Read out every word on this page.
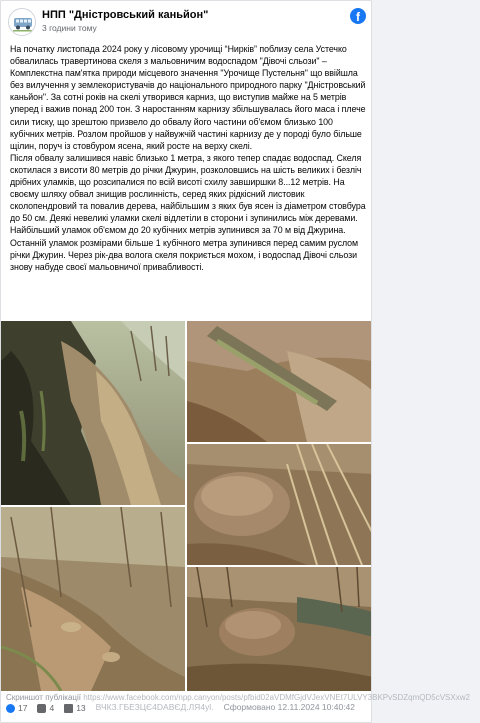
НПП "Дністровський каньйон"
3 години тому
f

На початку листопада 2024 року у лісовому урочищі “Нирків” поблизу села Устечко обвалилась травертинова скеля з мальовничим водоспадом "Дівочі сльози" – Комплекстна пам'ятка природи місцевого значення "Урочище Пустельня" що ввійшла без вилучення у землекористувачів до національного природного парку "Дністровський каньйон". За сотні років на скелі утворився карниз, що виступив майже на 5 метрів уперед і важив понад 200 тон. З наростанням карнизу збільшувалась його маса і плече сили тиску, що зрештою призвело до обвалу його частини об'ємом близько 100 кубічних метрів. Розлом пройшов у найвужчій частині карнизу де у породі було більше щілин, поруч із стовбуром ясена, який росте на верху скелі.

Після обвалу залишився навіс близько 1 метра, з якого тепер спадає водоспад. Скеля скотилася з висоти 80 метрів до річки Джурин, розколовшись на шість великих і безліч дрібних уламків, що розсипалися по всій висоті схилу завширшки 8...12 метрів. На своєму шляху обвал знищив рослинність, серед яких рідкісний листовик сколопендровий та повалив дерева, найбільшим з яких був ясен із діаметром стовбура до 50 см. Деякі невеликі уламки скелі відлетіли в сторони і зупинились між деревами. Найбільший уламок об'ємом до 20 кубічних метрів зупинився за 70 м від Джурина. Останній уламок розмірами більше 1 кубічного метра зупинився перед самим руслом річки Джурин. Через рік-два волога скеля покриється мохом, і водоспад Дівочі сльози знову набуде своєї мальовничої привабливості.

Скриншот публікації https://www.facebook.com/npp.canyon/posts/pfbid02aVDMfGjdVJexVNEt7ULVY3BKPvSDZqmQD5cVSXxw2
17	4	13 ВЧКЗ.ГБЕЗЦЄ4DАВЄД.ЛЯ4yl. Сформовано 12.11.2024 10:40:42
